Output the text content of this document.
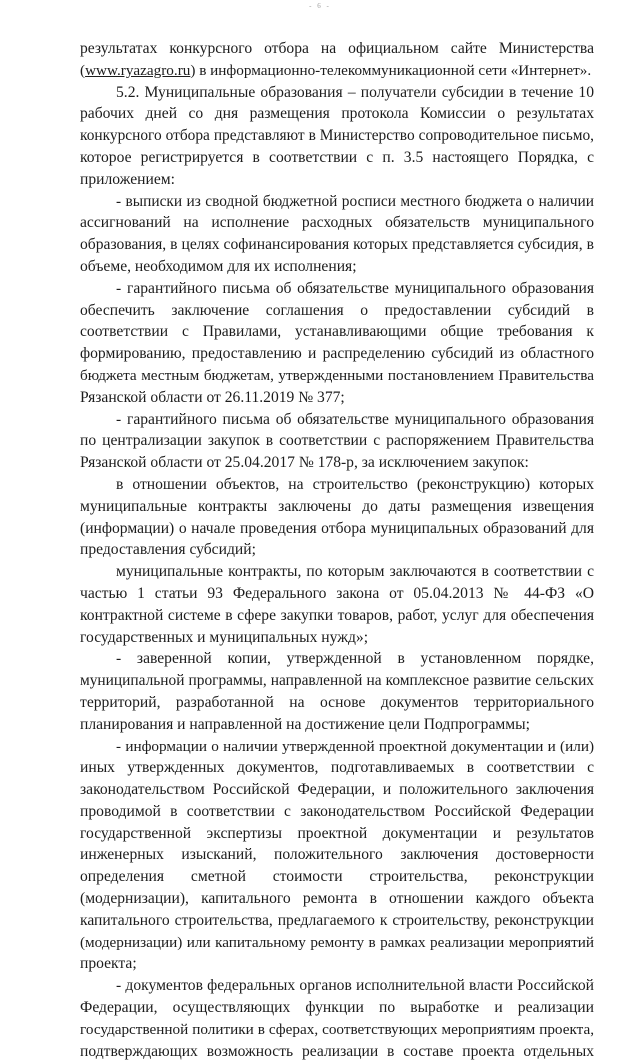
- 6 -
результатах конкурсного отбора на официальном сайте Министерства
(www.ryazagro.ru) в информационно-телекоммуникационной сети «Интернет».
5.2. Муниципальные образования – получатели субсидии в течение 10
рабочих дней со дня размещения протокола Комиссии о результатах
конкурсного отбора представляют в Министерство сопроводительное письмо,
которое регистрируется в соответствии с п. 3.5 настоящего Порядка, с
приложением:
- выписки из сводной бюджетной росписи местного бюджета о наличии
ассигнований на исполнение расходных обязательств муниципального
образования, в целях софинансирования которых представляется субсидия, в
объеме, необходимом для их исполнения;
- гарантийного письма об обязательстве муниципального образования
обеспечить заключение соглашения о предоставлении субсидий в
соответствии с Правилами, устанавливающими общие требования к
формированию, предоставлению и распределению субсидий из областного
бюджета местным бюджетам, утвержденными постановлением Правительства
Рязанской области от 26.11.2019 № 377;
- гарантийного письма об обязательстве муниципального образования
по централизации закупок в соответствии с распоряжением Правительства
Рязанской области от 25.04.2017 № 178-р, за исключением закупок:
в отношении объектов, на строительство (реконструкцию) которых
муниципальные контракты заключены до даты размещения извещения
(информации) о начале проведения отбора муниципальных образований для
предоставления субсидий;
муниципальные контракты, по которым заключаются в соответствии с
частью 1 статьи 93 Федерального закона от 05.04.2013 № 44-ФЗ «О
контрактной системе в сфере закупки товаров, работ, услуг для обеспечения
государственных и муниципальных нужд»;
- заверенной копии, утвержденной в установленном порядке,
муниципальной программы, направленной на комплексное развитие сельских
территорий, разработанной на основе документов территориального
планирования и направленной на достижение цели Подпрограммы;
- информации о наличии утвержденной проектной документации и (или)
иных утвержденных документов, подготавливаемых в соответствии с
законодательством Российской Федерации, и положительного заключения
проводимой в соответствии с законодательством Российской Федерации
государственной экспертизы проектной документации и результатов
инженерных изысканий, положительного заключения достоверности
определения сметной стоимости строительства, реконструкции
(модернизации), капитального ремонта в отношении каждого объекта
капитального строительства, предлагаемого к строительству, реконструкции
(модернизации) или капитальному ремонту в рамках реализации мероприятий
проекта;
- документов федеральных органов исполнительной власти Российской
Федерации, осуществляющих функции по выработке и реализации
государственной политики в сферах, соответствующих мероприятиям проекта,
подтверждающих возможность реализации в составе проекта отдельных
